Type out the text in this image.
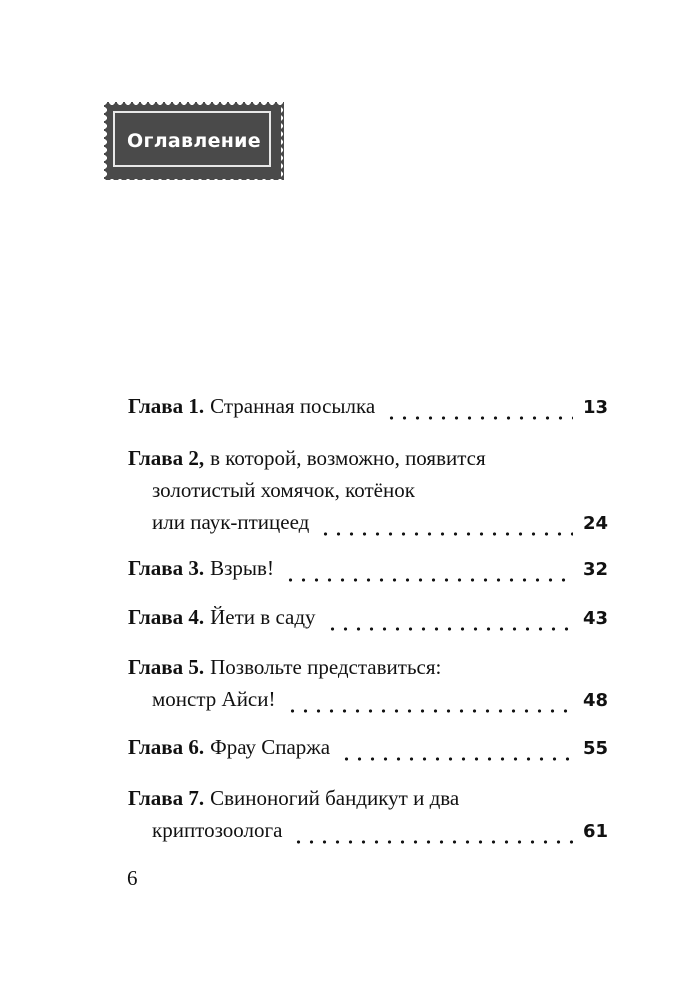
Оглавление
Глава 1. Странная посылка	13
Глава 2, в которой, возможно, появится
золотистый хомячок, котёнок
или паук-птицеед	24
Глава 3. Взрыв!	32
Глава 4. Йети в саду	43
Глава 5. Позвольте представиться:
монстр Айси!	48
Глава 6. Фрау Спаржа	55
Глава 7. Свиноногий бандикут и два
криптозоолога	61
6
